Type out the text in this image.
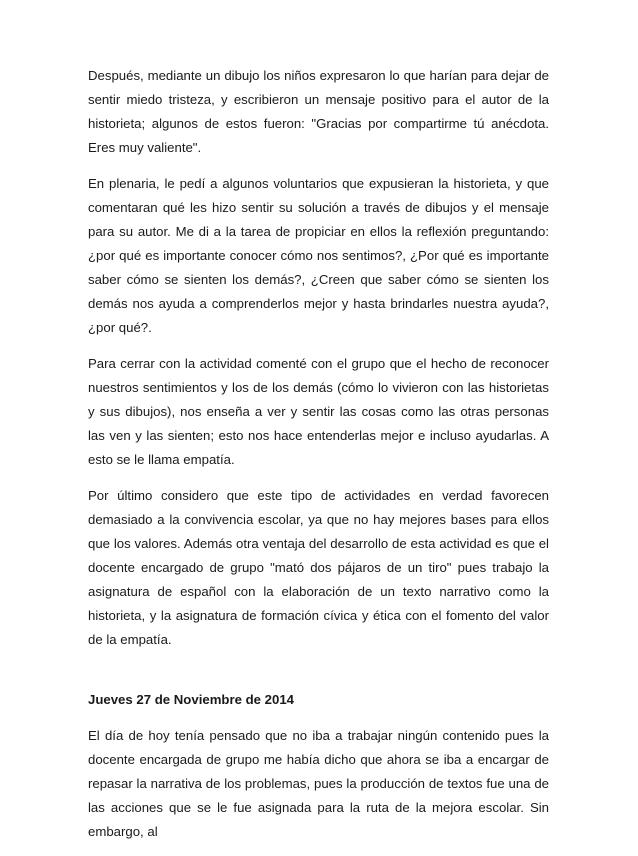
Después, mediante un dibujo los niños expresaron lo que harían para dejar de sentir miedo tristeza, y escribieron un mensaje positivo para el autor de la historieta; algunos de estos fueron: "Gracias por compartirme tú anécdota. Eres muy valiente".

En plenaria, le pedí a algunos voluntarios que expusieran la historieta, y que comentaran qué les hizo sentir su solución a través de dibujos y el mensaje para su autor. Me di a la tarea de propiciar en ellos la reflexión preguntando: ¿por qué es importante conocer cómo nos sentimos?, ¿Por qué es importante saber cómo se sienten los demás?, ¿Creen que saber cómo se sienten los demás nos ayuda a comprenderlos mejor y hasta brindarles nuestra ayuda?, ¿por qué?.

Para cerrar con la actividad comenté con el grupo que el hecho de reconocer nuestros sentimientos y los de los demás (cómo lo vivieron con las historietas y sus dibujos), nos enseña a ver y sentir las cosas como las otras personas las ven y las sienten; esto nos hace entenderlas mejor e incluso ayudarlas. A esto se le llama empatía.

Por último considero que este tipo de actividades en verdad favorecen demasiado a la convivencia escolar, ya que no hay mejores bases para ellos que los valores. Además otra ventaja del desarrollo de esta actividad es que el docente encargado de grupo "mató dos pájaros de un tiro" pues trabajo la asignatura de español con la elaboración de un texto narrativo como la historieta, y la asignatura de formación cívica y ética con el fomento del valor de la empatía.

Jueves 27 de Noviembre de 2014

El día de hoy tenía pensado que no iba a trabajar ningún contenido pues la docente encargada de grupo me había dicho que ahora se iba a encargar de repasar la narrativa de los problemas, pues la producción de textos fue una de las acciones que se le fue asignada para la ruta de la mejora escolar. Sin embargo, al
